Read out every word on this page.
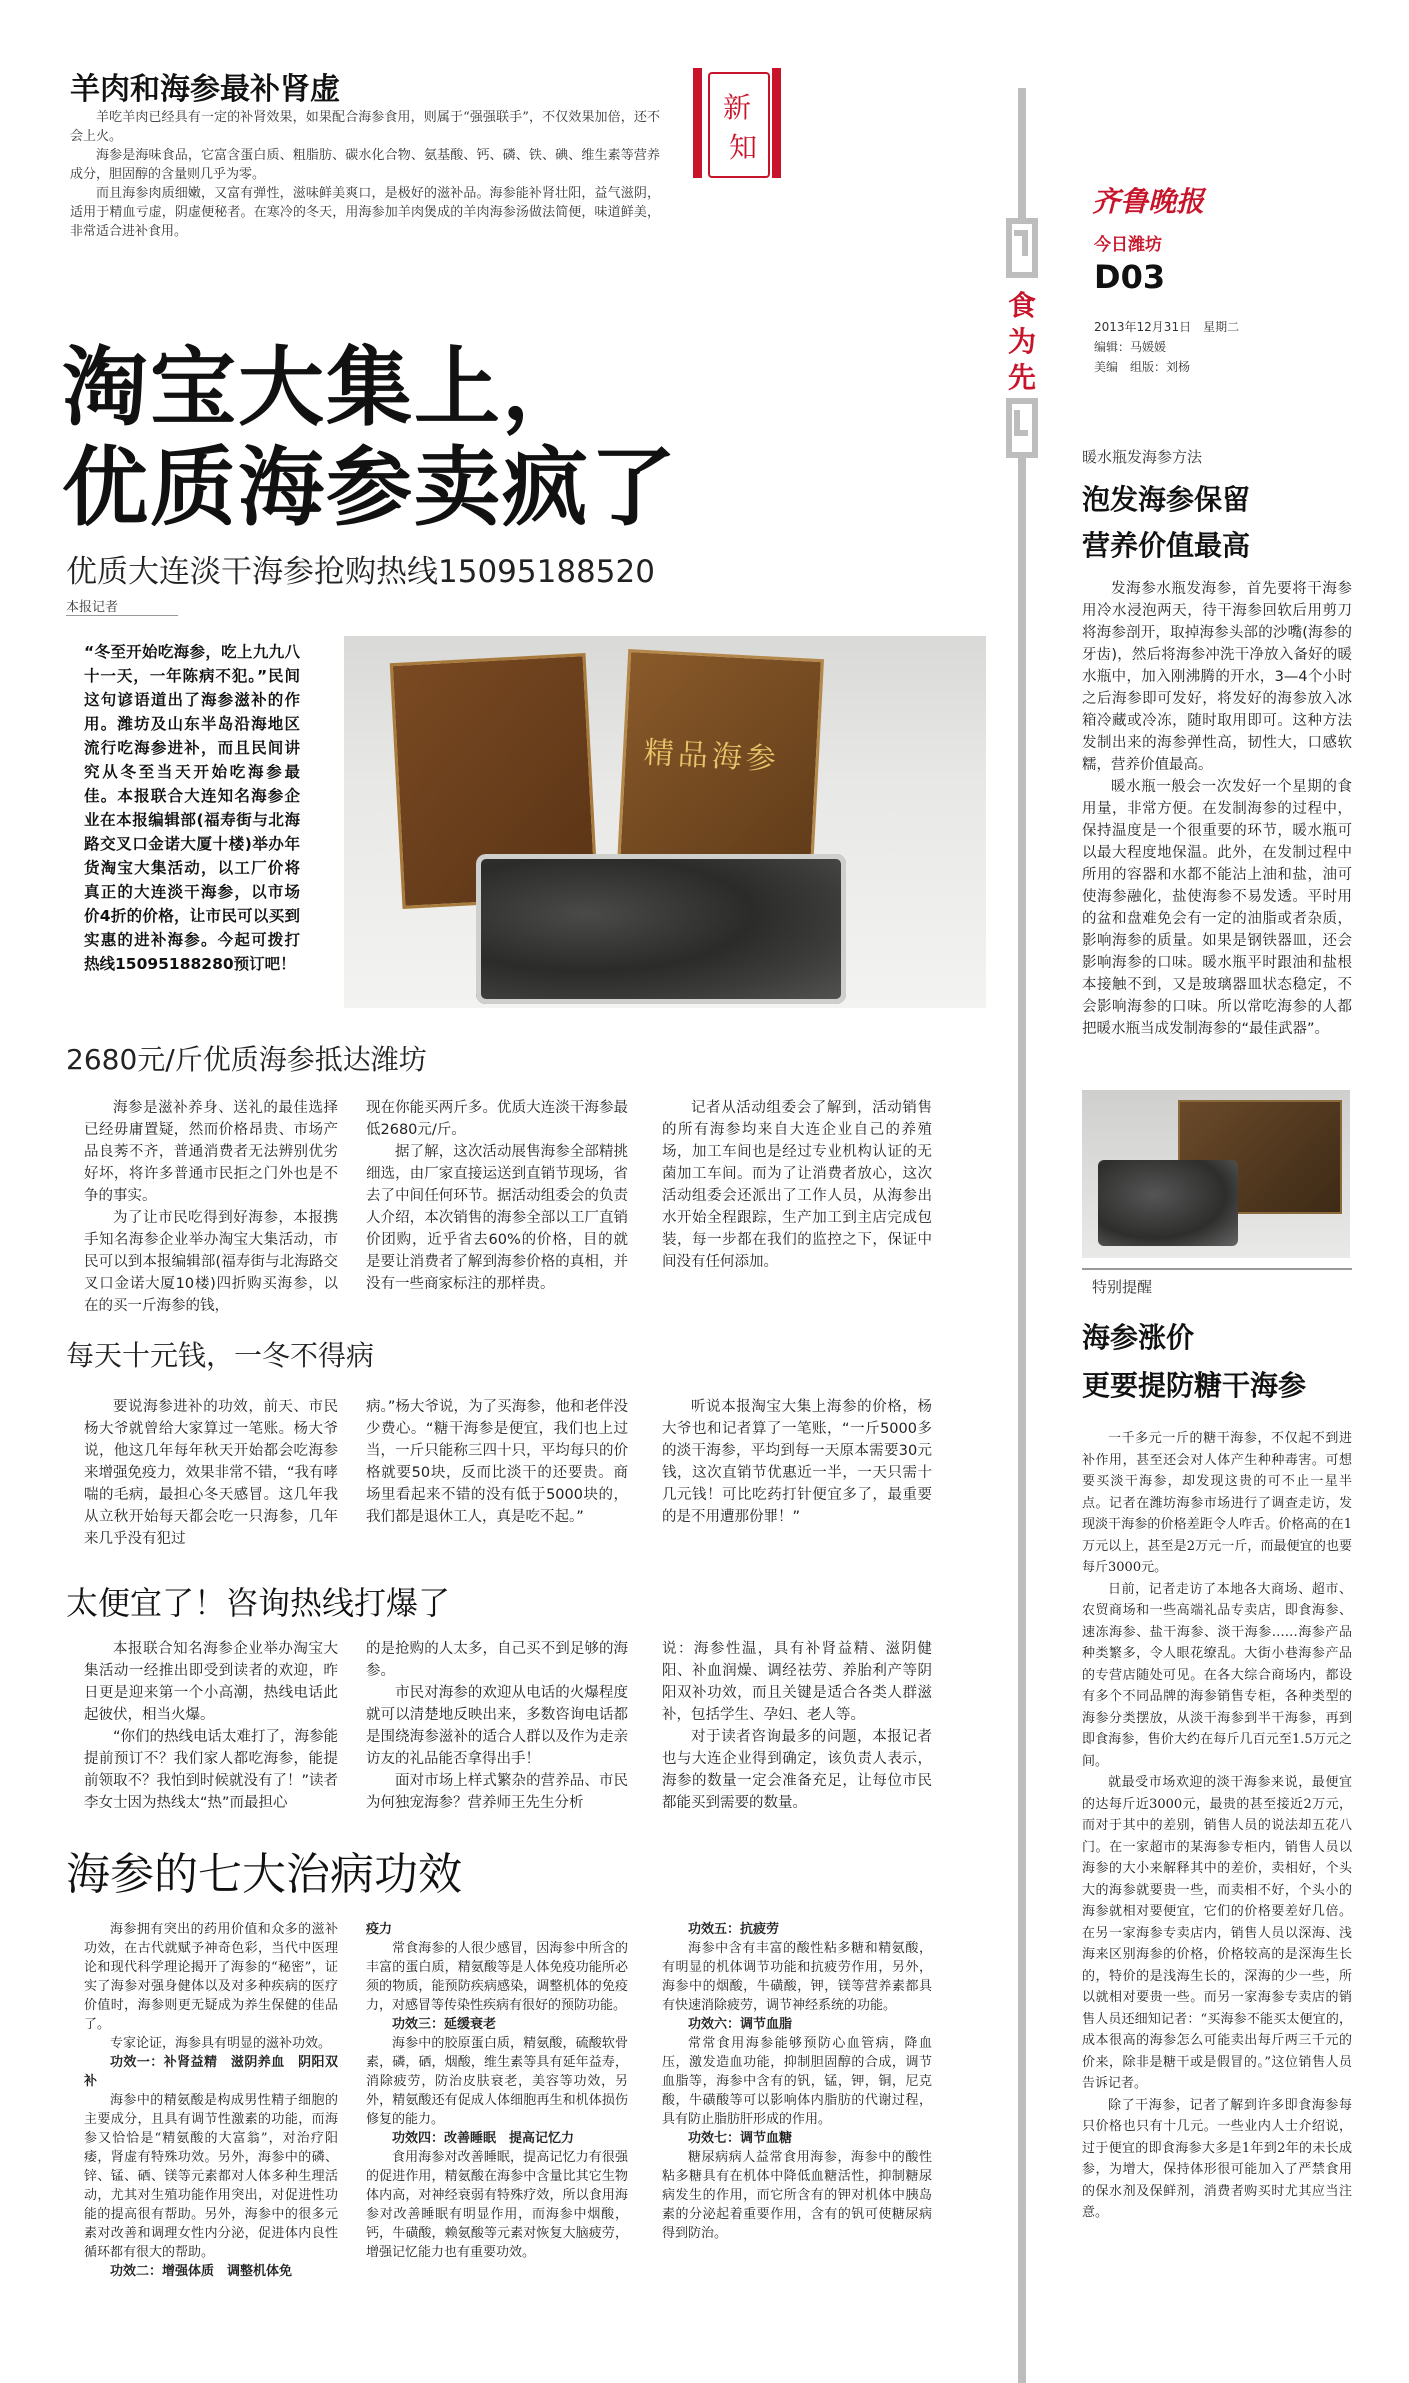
羊肉和海参最补肾虚

羊吃羊肉已经具有一定的补肾效果，如果配合海参食用，则属于“强强联手”，不仅效果加倍，还不会上火。

海参是海味食品，它富含蛋白质、粗脂肪、碳水化合物、氨基酸、钙、磷、铁、碘、维生素等营养成分，胆固醇的含量则几乎为零。

而且海参肉质细嫩，又富有弹性，滋味鲜美爽口，是极好的滋补品。海参能补肾壮阳，益气滋阴，适用于精血亏虚，阴虚便秘者。在寒冷的冬天，用海参加羊肉煲成的羊肉海参汤做法简便，味道鲜美，非常适合进补食用。

新
知
淘宝大集上，
优质海参卖疯了
优质大连淡干海参抢购热线15095188520
本报记者

“冬至开始吃海参，吃上九九八十一天，一年陈病不犯。”民间这句谚语道出了海参滋补的作用。潍坊及山东半岛沿海地区流行吃海参进补，而且民间讲究从冬至当天开始吃海参最佳。本报联合大连知名海参企业在本报编辑部(福寿街与北海路交叉口金诺大厦十楼)举办年货淘宝大集活动，以工厂价将真正的大连淡干海参，以市场价4折的价格，让市民可以买到实惠的进补海参。今起可拨打热线15095188280预订吧！

精品海参
2680元/斤优质海参抵达潍坊

海参是滋补养身、送礼的最佳选择已经毋庸置疑，然而价格昂贵、市场产品良莠不齐，普通消费者无法辨别优劣好坏，将许多普通市民拒之门外也是不争的事实。

为了让市民吃得到好海参，本报携手知名海参企业举办淘宝大集活动，市民可以到本报编辑部(福寿街与北海路交叉口金诺大厦10楼)四折购买海参，以在的买一斤海参的钱，

现在你能买两斤多。优质大连淡干海参最低2680元/斤。

据了解，这次活动展售海参全部精挑细选，由厂家直接运送到直销节现场，省去了中间任何环节。据活动组委会的负责人介绍，本次销售的海参全部以工厂直销价团购，近乎省去60%的价格，目的就是要让消费者了解到海参价格的真相，并没有一些商家标注的那样贵。

记者从活动组委会了解到，活动销售的所有海参均来自大连企业自己的养殖场，加工车间也是经过专业机构认证的无菌加工车间。而为了让消费者放心，这次活动组委会还派出了工作人员，从海参出水开始全程跟踪，生产加工到主店完成包装，每一步都在我们的监控之下，保证中间没有任何添加。

每天十元钱，一冬不得病

要说海参进补的功效，前天、市民杨大爷就曾给大家算过一笔账。杨大爷说，他这几年每年秋天开始都会吃海参来增强免疫力，效果非常不错，“我有哮喘的毛病，最担心冬天感冒。这几年我从立秋开始每天都会吃一只海参，几年来几乎没有犯过

病。”杨大爷说，为了买海参，他和老伴没少费心。“糖干海参是便宜，我们也上过当，一斤只能称三四十只，平均每只的价格就要50块，反而比淡干的还要贵。商场里看起来不错的没有低于5000块的，我们都是退休工人，真是吃不起。”

听说本报淘宝大集上海参的价格，杨大爷也和记者算了一笔账，“一斤5000多的淡干海参，平均到每一天原本需要30元钱，这次直销节优惠近一半，一天只需十几元钱！可比吃药打针便宜多了，最重要的是不用遭那份罪！”

太便宜了！咨询热线打爆了

本报联合知名海参企业举办淘宝大集活动一经推出即受到读者的欢迎，昨日更是迎来第一个小高潮，热线电话此起彼伏，相当火爆。

“你们的热线电话太难打了，海参能提前预订不？我们家人都吃海参，能提前领取不？我怕到时候就没有了！”读者李女士因为热线太“热”而最担心

的是抢购的人太多，自己买不到足够的海参。

市民对海参的欢迎从电话的火爆程度就可以清楚地反映出来，多数咨询电话都是围绕海参滋补的适合人群以及作为走亲访友的礼品能否拿得出手！

面对市场上样式繁杂的营养品、市民为何独宠海参？营养师王先生分析

说：海参性温，具有补肾益精、滋阴健阳、补血润燥、调经祛劳、养胎利产等阴阳双补功效，而且关键是适合各类人群滋补，包括学生、孕妇、老人等。

对于读者咨询最多的问题，本报记者也与大连企业得到确定，该负责人表示，海参的数量一定会准备充足，让每位市民都能买到需要的数量。

海参的七大治病功效

海参拥有突出的药用价值和众多的滋补功效，在古代就赋予神奇色彩，当代中医理论和现代科学理论揭开了海参的“秘密”，证实了海参对强身健体以及对多种疾病的医疗价值时，海参则更无疑成为养生保健的佳品了。

专家论证，海参具有明显的滋补功效。

功效一：补肾益精　滋阴养血　阴阳双补

海参中的精氨酸是构成男性精子细胞的主要成分，且具有调节性激素的功能，而海参又恰恰是“精氨酸的大富翁”，对治疗阳痿，肾虚有特殊功效。另外，海参中的磷、锌、锰、硒、镁等元素都对人体多种生理活动，尤其对生殖功能作用突出，对促进性功能的提高很有帮助。另外，海参中的很多元素对改善和调理女性内分泌，促进体内良性循环都有很大的帮助。

功效二：增强体质　调整机体免

疫力

常食海参的人很少感冒，因海参中所含的丰富的蛋白质，精氨酸等是人体免疫功能所必须的物质，能预防疾病感染，调整机体的免疫力，对感冒等传染性疾病有很好的预防功能。

功效三：延缓衰老

海参中的胶原蛋白质，精氨酸，硫酸软骨素，磷，硒，烟酸，维生素等具有延年益寿，消除疲劳，防治皮肤衰老，美容等功效，另外，精氨酸还有促成人体细胞再生和机体损伤修复的能力。

功效四：改善睡眠　提高记忆力

食用海参对改善睡眠，提高记忆力有很强的促进作用，精氨酸在海参中含量比其它生物体内高，对神经衰弱有特殊疗效，所以食用海参对改善睡眠有明显作用，而海参中烟酸，钙，牛磺酸，赖氨酸等元素对恢复大脑疲劳，增强记忆能力也有重要功效。

功效五：抗疲劳

海参中含有丰富的酸性粘多糖和精氨酸，有明显的机体调节功能和抗疲劳作用，另外，海参中的烟酸，牛磺酸，钾，镁等营养素都具有快速消除疲劳，调节神经系统的功能。

功效六：调节血脂

常常食用海参能够预防心血管病，降血压，激发造血功能，抑制胆固醇的合成，调节血脂等，海参中含有的钒，锰，钾，铜，尼克酸，牛磺酸等可以影响体内脂肪的代谢过程，具有防止脂肪肝形成的作用。

功效七：调节血糖

糖尿病病人益常食用海参，海参中的酸性粘多糖具有在机体中降低血糖活性，抑制糖尿病发生的作用，而它所含有的钾对机体中胰岛素的分泌起着重要作用，含有的钒可使糖尿病得到防治。

食
为
先
齐鲁晚报
今日潍坊
D03
2013年12月31日　星期二
编辑：马媛媛
美编　组版：刘杨
暖水瓶发海参方法
泡发海参保留
营养价值最高

发海参水瓶发海参，首先要将干海参用冷水浸泡两天，待干海参回软后用剪刀将海参剖开，取掉海参头部的沙嘴(海参的牙齿)，然后将海参冲洗干净放入备好的暖水瓶中，加入刚沸腾的开水，3—4个小时之后海参即可发好，将发好的海参放入冰箱冷藏或冷冻，随时取用即可。这种方法发制出来的海参弹性高，韧性大，口感软糯，营养价值最高。

暖水瓶一般会一次发好一个星期的食用量，非常方便。在发制海参的过程中，保持温度是一个很重要的环节，暖水瓶可以最大程度地保温。此外，在发制过程中所用的容器和水都不能沾上油和盐，油可使海参融化，盐使海参不易发透。平时用的盆和盘难免会有一定的油脂或者杂质，影响海参的质量。如果是钢铁器皿，还会影响海参的口味。暖水瓶平时跟油和盐根本接触不到，又是玻璃器皿状态稳定，不会影响海参的口味。所以常吃海参的人都把暖水瓶当成发制海参的“最佳武器”。

特别提醒
海参涨价
更要提防糖干海参

一千多元一斤的糖干海参，不仅起不到进补作用，甚至还会对人体产生种种毒害。可想要买淡干海参，却发现这贵的可不止一星半点。记者在潍坊海参市场进行了调查走访，发现淡干海参的价格差距令人咋舌。价格高的在1万元以上，甚至是2万元一斤，而最便宜的也要每斤3000元。

日前，记者走访了本地各大商场、超市、农贸商场和一些高端礼品专卖店，即食海参、速冻海参、盐干海参、淡干海参……海参产品种类繁多，令人眼花缭乱。大街小巷海参产品的专营店随处可见。在各大综合商场内，都设有多个不同品牌的海参销售专柜，各种类型的海参分类摆放，从淡干海参到半干海参，再到即食海参，售价大约在每斤几百元至1.5万元之间。

就最受市场欢迎的淡干海参来说，最便宜的达每斤近3000元，最贵的甚至接近2万元，而对于其中的差别，销售人员的说法却五花八门。在一家超市的某海参专柜内，销售人员以海参的大小来解释其中的差价，卖相好，个头大的海参就要贵一些，而卖相不好，个头小的海参就相对要便宜，它们的价格要差好几倍。在另一家海参专卖店内，销售人员以深海、浅海来区别海参的价格，价格较高的是深海生长的，特价的是浅海生长的，深海的少一些，所以就相对要贵一些。而另一家海参专卖店的销售人员还细知记者：“买海参不能买太便宜的，成本很高的海参怎么可能卖出每斤两三千元的价来，除非是糖干或是假冒的。”这位销售人员告诉记者。

除了干海参，记者了解到许多即食海参每只价格也只有十几元。一些业内人士介绍说，过于便宜的即食海参大多是1年到2年的未长成参，为增大，保持体形很可能加入了严禁食用的保水剂及保鲜剂，消费者购买时尤其应当注意。
